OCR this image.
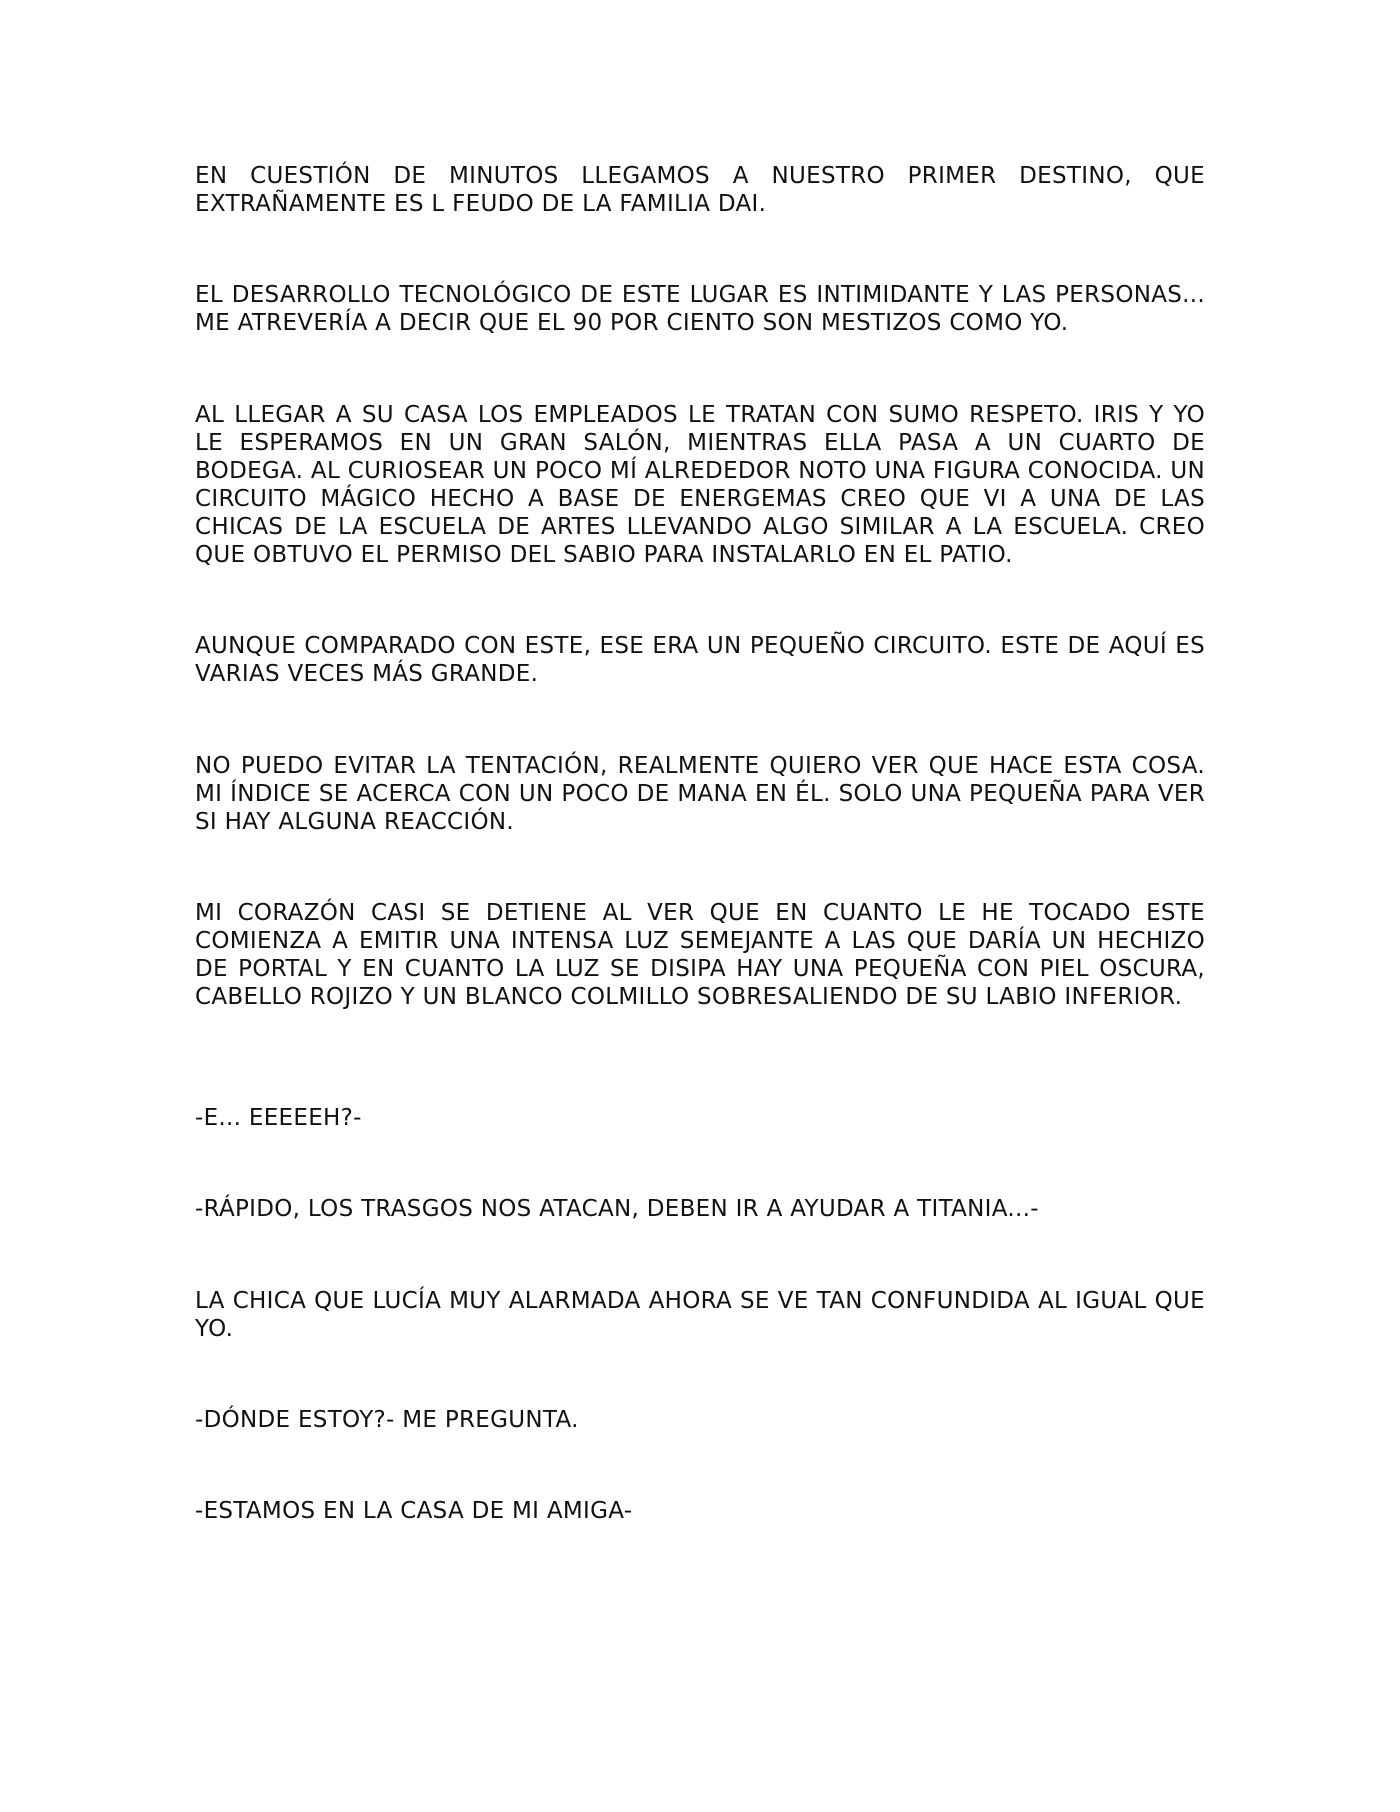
EN CUESTIÓN DE MINUTOS LLEGAMOS A NUESTRO PRIMER DESTINO, QUE EXTRAÑAMENTE ES L FEUDO DE LA FAMILIA DAI.

EL DESARROLLO TECNOLÓGICO DE ESTE LUGAR ES INTIMIDANTE Y LAS PERSONAS... ME ATREVERÍA A DECIR QUE EL 90 POR CIENTO SON MESTIZOS COMO YO.

AL LLEGAR A SU CASA LOS EMPLEADOS LE TRATAN CON SUMO RESPETO. IRIS Y YO LE ESPERAMOS EN UN GRAN SALÓN, MIENTRAS ELLA PASA A UN CUARTO DE BODEGA. AL CURIOSEAR UN POCO MÍ ALREDEDOR NOTO UNA FIGURA CONOCIDA. UN CIRCUITO MÁGICO HECHO A BASE DE ENERGEMAS CREO QUE VI A UNA DE LAS CHICAS DE LA ESCUELA DE ARTES LLEVANDO ALGO SIMILAR A LA ESCUELA. CREO QUE OBTUVO EL PERMISO DEL SABIO PARA INSTALARLO EN EL PATIO.

AUNQUE COMPARADO CON ESTE, ESE ERA UN PEQUEÑO CIRCUITO. ESTE DE AQUÍ ES VARIAS VECES MÁS GRANDE.

NO PUEDO EVITAR LA TENTACIÓN, REALMENTE QUIERO VER QUE HACE ESTA COSA. MI ÍNDICE SE ACERCA CON UN POCO DE MANA EN ÉL. SOLO UNA PEQUEÑA PARA VER SI HAY ALGUNA REACCIÓN.

MI CORAZÓN CASI SE DETIENE AL VER QUE EN CUANTO LE HE TOCADO ESTE COMIENZA A EMITIR UNA INTENSA LUZ SEMEJANTE A LAS QUE DARÍA UN HECHIZO DE PORTAL Y EN CUANTO LA LUZ SE DISIPA HAY UNA PEQUEÑA CON PIEL OSCURA, CABELLO ROJIZO Y UN BLANCO COLMILLO SOBRESALIENDO DE SU LABIO INFERIOR.

-E... EEEEEH?-

-RÁPIDO, LOS TRASGOS NOS ATACAN, DEBEN IR A AYUDAR A TITANIA...-

LA CHICA QUE LUCÍA MUY ALARMADA AHORA SE VE TAN CONFUNDIDA AL IGUAL QUE YO.

-DÓNDE ESTOY?- ME PREGUNTA.

-ESTAMOS EN LA CASA DE MI AMIGA-
